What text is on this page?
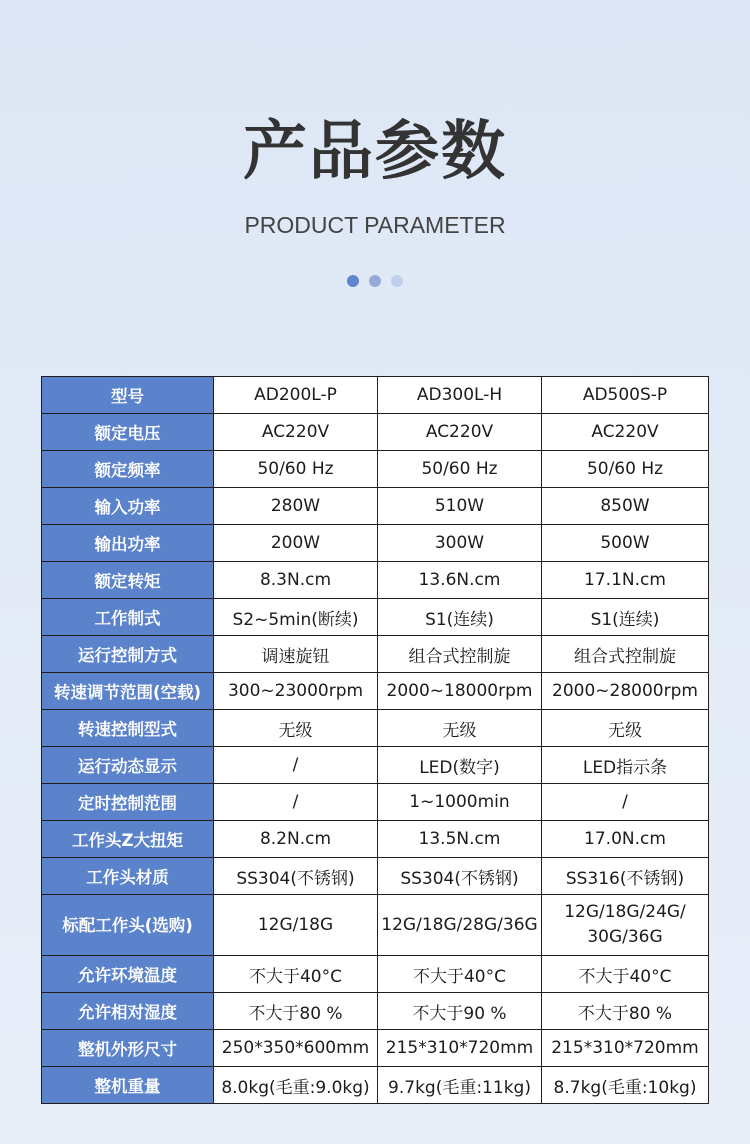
产品参数
PRODUCT PARAMETER
型号	AD200L-P	AD300L-H	AD500S-P
额定电压	AC220V	AC220V	AC220V
额定频率	50/60 Hz	50/60 Hz	50/60 Hz
输入功率	280W	510W	850W
输出功率	200W	300W	500W
额定转矩	8.3N.cm	13.6N.cm	17.1N.cm
工作制式	S2~5min(断续)	S1(连续)	S1(连续)
运行控制方式	调速旋钮	组合式控制旋	组合式控制旋
转速调节范围(空载)	300~23000rpm	2000~18000rpm	2000~28000rpm
转速控制型式	无级	无级	无级
运行动态显示	/	LED(数字)	LED指示条
定时控制范围	/	1~1000min	/
工作头Z大扭矩	8.2N.cm	13.5N.cm	17.0N.cm
工作头材质	SS304(不锈钢)	SS304(不锈钢)	SS316(不锈钢)
标配工作头(选购)	12G/18G	12G/18G/28G/36G	12G/18G/24G/
30G/36G
允许环境温度	不大于40°C	不大于40°C	不大于40°C
允许相对湿度	不大于80 %	不大于90 %	不大于80 %
整机外形尺寸	250*350*600mm	215*310*720mm	215*310*720mm
整机重量	8.0kg(毛重:9.0kg)	9.7kg(毛重:11kg)	8.7kg(毛重:10kg)
